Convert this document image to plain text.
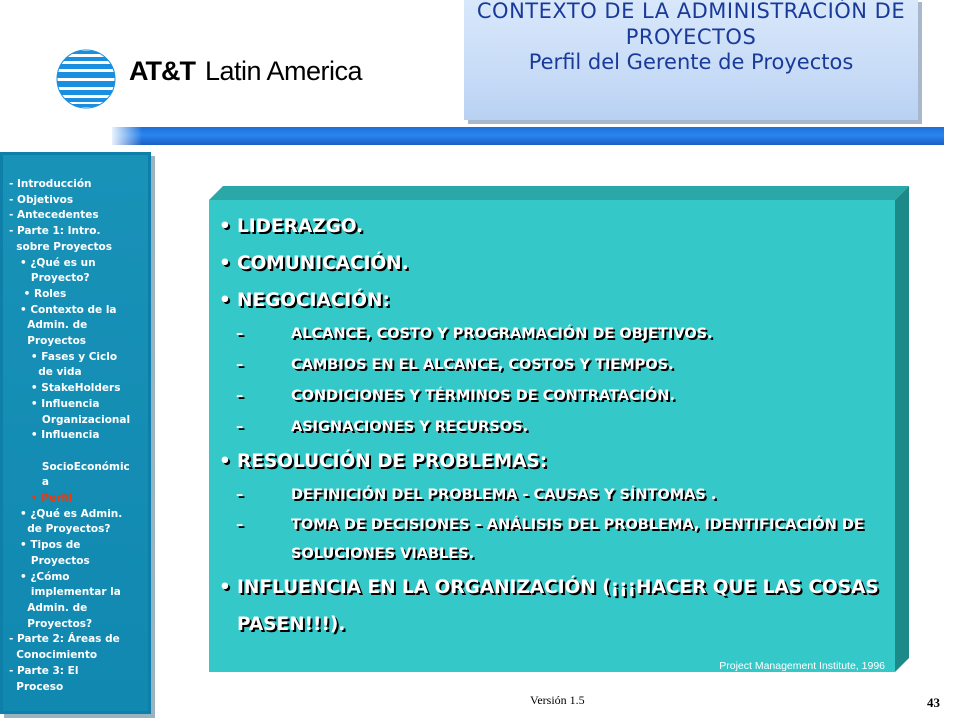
AT&T Latin America
CONTEXTO DE LA ADMINISTRACIÓN DE PROYECTOS
Perfil del Gerente de Proyectos
- Introducción
- Objetivos
- Antecedentes
- Parte 1: Intro.
sobre Proyectos
• ¿Qué es un
Proyecto?
• Roles
• Contexto de la
Admin. de
Proyectos
• Fases y Ciclo
de vida
• StakeHolders
• Influencia
Organizacional
• Influencia

SocioEconómic
a
• Perfil
• ¿Qué es Admin.
de Proyectos?
• Tipos de
Proyectos
• ¿Cómo
implementar la
Admin. de
Proyectos?
- Parte 2: Áreas de
Conocimiento
- Parte 3: El
Proceso
• LIDERAZGO.
• COMUNICACIÓN.
• NEGOCIACIÓN:
–	ALCANCE, COSTO Y PROGRAMACIÓN DE OBJETIVOS.
–	CAMBIOS EN EL ALCANCE, COSTOS Y TIEMPOS.
–	CONDICIONES Y TÉRMINOS DE CONTRATACIÓN.
–	ASIGNACIONES Y RECURSOS.
• RESOLUCIÓN DE PROBLEMAS:
–	DEFINICIÓN DEL PROBLEMA - CAUSAS Y SÍNTOMAS .
–	TOMA DE DECISIONES – ANÁLISIS DEL PROBLEMA, IDENTIFICACIÓN DE SOLUCIONES VIABLES.
• INFLUENCIA EN LA ORGANIZACIÓN (¡¡¡HACER QUE LAS COSAS PASEN!!!).
Project Management Institute, 1996
Versión 1.5	43
